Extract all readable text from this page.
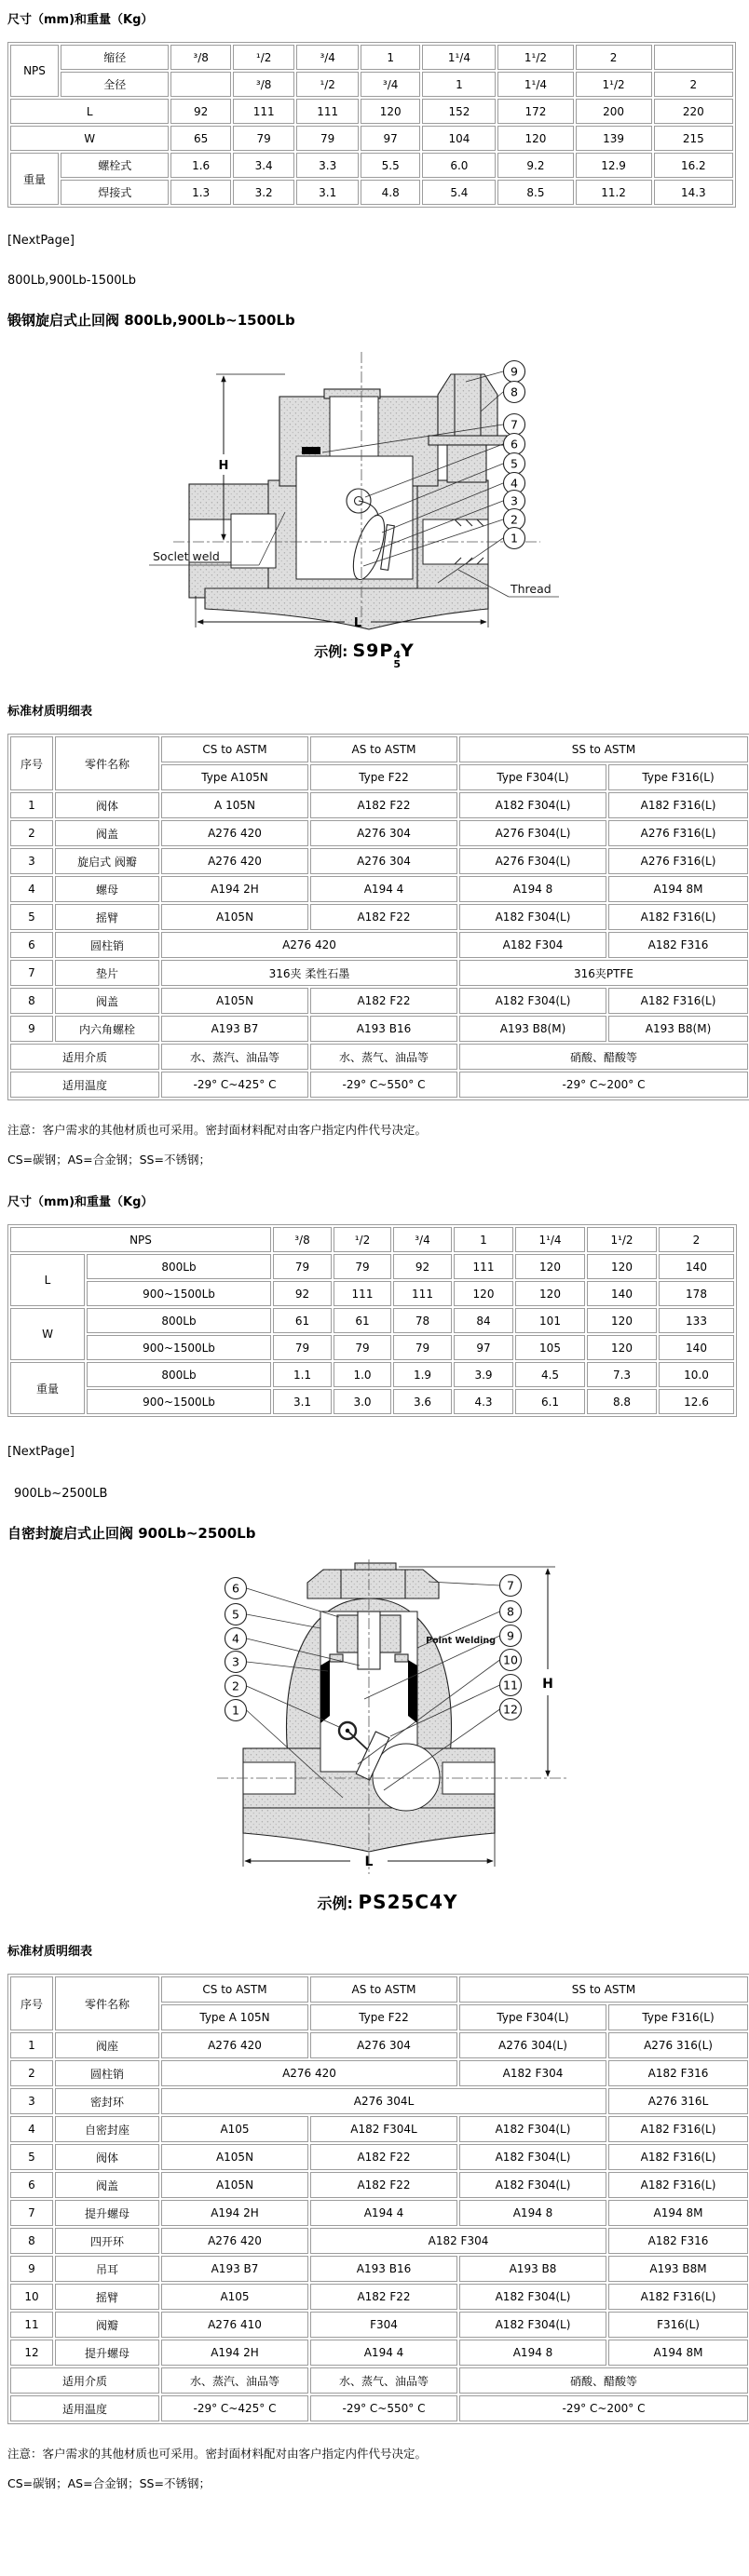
尺寸（mm)和重量（Kg）
NPS	缩径	³/8	¹/2	³/4	1	1¹/4	1¹/2	2	
	全径		³/8	¹/2	³/4	1	1¹/4	1¹/2	2
L		92	111	111	120	152	172	200	220
W		65	79	79	97	104	120	139	215
重量	螺栓式	1.6	3.4	3.3	5.5	6.0	9.2	12.9	16.2
	焊接式	1.3	3.2	3.1	4.8	5.4	8.5	11.2	14.3
[NextPage]
800Lb,900Lb-1500Lb
锻钢旋启式止回阀 800Lb,900Lb~1500Lb
H
L
9
8
7
6
5
4
3
2
1
Soclet weld
Thread
示例: S9P 4
5
Y
标准材质明细表
序号	零件名称	CS to ASTM	AS to ASTM	SS to ASTM	
		Type A105N	Type F22	Type F304(L)	Type F316(L)
1	阀体	A 105N	A182 F22	A182 F304(L)	A182 F316(L)
2	阀盖	A276 420	A276 304	A276 F304(L)	A276 F316(L)
3	旋启式 阀瓣	A276 420	A276 304	A276 F304(L)	A276 F316(L)
4	螺母	A194 2H	A194 4	A194 8	A194 8M
5	摇臂	A105N	A182 F22	A182 F304(L)	A182 F316(L)
6	圆柱销	A276 420		A182 F304	A182 F316
7	垫片	316夹 柔性石墨		316夹PTFE	
8	阀盖	A105N	A182 F22	A182 F304(L)	A182 F316(L)
9	内六角螺栓	A193 B7	A193 B16	A193 B8(M)	A193 B8(M)
适用介质		水、蒸汽、油品等	水、蒸气、油品等	硝酸、醋酸等	
适用温度		-29° C~425° C	-29° C~550° C	-29° C~200° C	
注意：客户需求的其他材质也可采用。密封面材料配对由客户指定内件代号决定。
CS=碳钢；AS=合金钢；SS=不锈钢；
尺寸（mm)和重量（Kg）
NPS		³/8	¹/2	³/4	1	1¹/4	1¹/2	2
L	800Lb	79	79	92	111	120	120	140
	900~1500Lb	92	111	111	120	120	140	178
W	800Lb	61	61	78	84	101	120	133
	900~1500Lb	79	79	79	97	105	120	140
重量	800Lb	1.1	1.0	1.9	3.9	4.5	7.3	10.0
	900~1500Lb	3.1	3.0	3.6	4.3	6.1	8.8	12.6
[NextPage]
900Lb~2500LB
自密封旋启式止回阀 900Lb~2500Lb
H
L
6
5
4
3
2
1
7
8
9
10
11
12
Point Welding
示例: PS25C4Y
标准材质明细表
序号	零件名称	CS to ASTM	AS to ASTM	SS to ASTM	
		Type A 105N	Type F22	Type F304(L)	Type F316(L)
1	阀座	A276 420	A276 304	A276 304(L)	A276 316(L)
2	圆柱销	A276 420		A182 F304	A182 F316
3	密封环	A276 304L			A276 316L
4	自密封座	A105	A182 F304L	A182 F304(L)	A182 F316(L)
5	阀体	A105N	A182 F22	A182 F304(L)	A182 F316(L)
6	阀盖	A105N	A182 F22	A182 F304(L)	A182 F316(L)
7	提升螺母	A194 2H	A194 4	A194 8	A194 8M
8	四开环	A276 420	A182 F304		A182 F316
9	吊耳	A193 B7	A193 B16	A193 B8	A193 B8M
10	摇臂	A105	A182 F22	A182 F304(L)	A182 F316(L)
11	阀瓣	A276 410	F304	A182 F304(L)	F316(L)
12	提升螺母	A194 2H	A194 4	A194 8	A194 8M
适用介质		水、蒸汽、油品等	水、蒸气、油品等	硝酸、醋酸等	
适用温度		-29° C~425° C	-29° C~550° C	-29° C~200° C	
注意：客户需求的其他材质也可采用。密封面材料配对由客户指定内件代号决定。
CS=碳钢；AS=合金钢；SS=不锈钢；
